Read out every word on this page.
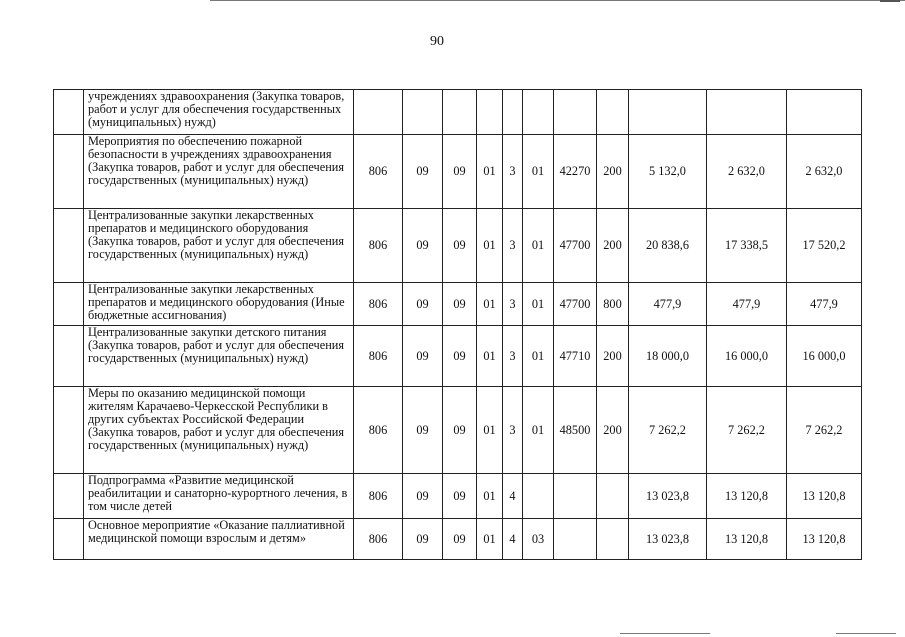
90
	учреждениях здравоохранения (Закупка товаров, работ и услуг для обеспечения государственных (муниципальных) нужд)											
	Мероприятия по обеспечению пожарной безопасности в учреждениях здравоохранения (Закупка товаров, работ и услуг для обеспечения государственных (муниципальных) нужд)	806	09	09	01	3	01	42270	200	5 132,0	2 632,0	2 632,0
	Централизованные закупки лекарственных препаратов и медицинского оборудования (Закупка товаров, работ и услуг для обеспечения государственных (муниципальных) нужд)	806	09	09	01	3	01	47700	200	20 838,6	17 338,5	17 520,2
	Централизованные закупки лекарственных препаратов и медицинского оборудования (Иные бюджетные ассигнования)	806	09	09	01	3	01	47700	800	477,9	477,9	477,9
	Централизованные закупки детского питания (Закупка товаров, работ и услуг для обеспечения государственных (муниципальных) нужд)	806	09	09	01	3	01	47710	200	18 000,0	16 000,0	16 000,0
	Меры по оказанию медицинской помощи жителям Карачаево-Черкесской Республики в других субъектах Российской Федерации (Закупка товаров, работ и услуг для обеспечения государственных (муниципальных) нужд)	806	09	09	01	3	01	48500	200	7 262,2	7 262,2	7 262,2
	Подпрограмма «Развитие медицинской реабилитации и санаторно-курортного лечения, в том числе детей	806	09	09	01	4				13 023,8	13 120,8	13 120,8
	Основное мероприятие «Оказание паллиативной медицинской помощи взрослым и детям»	806	09	09	01	4	03			13 023,8	13 120,8	13 120,8
